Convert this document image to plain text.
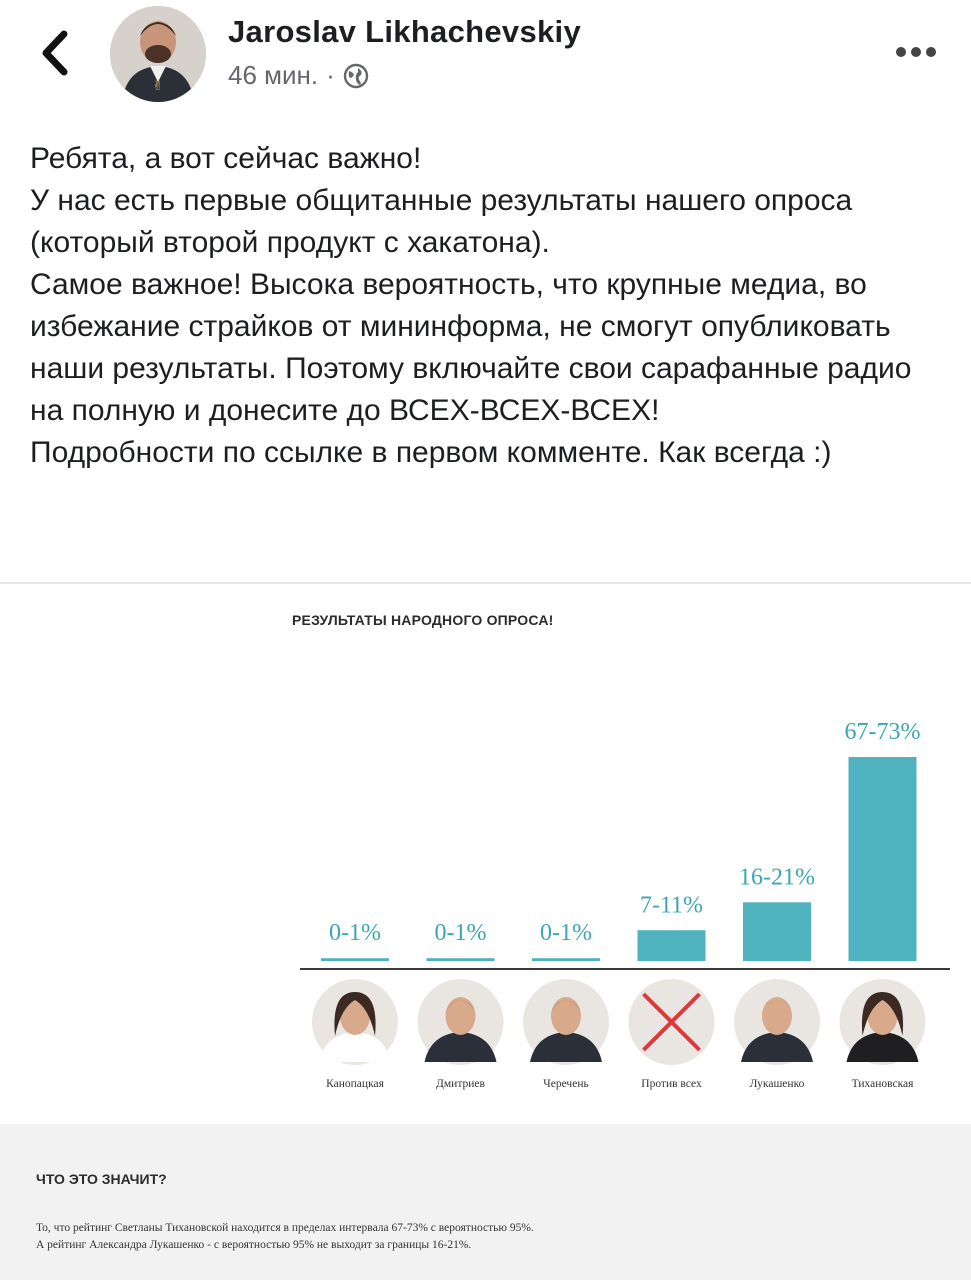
✌
Jaroslav Likhachevskiy
46 мин. ·

Ребята, а вот сейчас важно!

У нас есть первые общитанные результаты нашего опроса (который второй продукт с хакатона).

Самое важное! Высока вероятность, что крупные медиа, во избежание страйков от мининформа, не смогут опубликовать наши результаты. Поэтому включайте свои сарафанные радио на полную и донесите до ВСЕХ-ВСЕХ-ВСЕХ!

Подробности по ссылке в первом комменте. Как всегда :)

РЕЗУЛЬТАТЫ НАРОДНОГО ОПРОСА!
0-1% 0-1% 0-1%
7-11%
16-21%
67-73%
Канопацкая	Дмитриев	Черечень	Против всех	Лукашенко	Тихановская
ЧТО ЭТО ЗНАЧИТ?
То, что рейтинг Светланы Тихановской находится в пределах интервала 67-73% с вероятностью 95%.
А рейтинг Александра Лукашенко - с вероятностью 95% не выходит за границы 16-21%.
